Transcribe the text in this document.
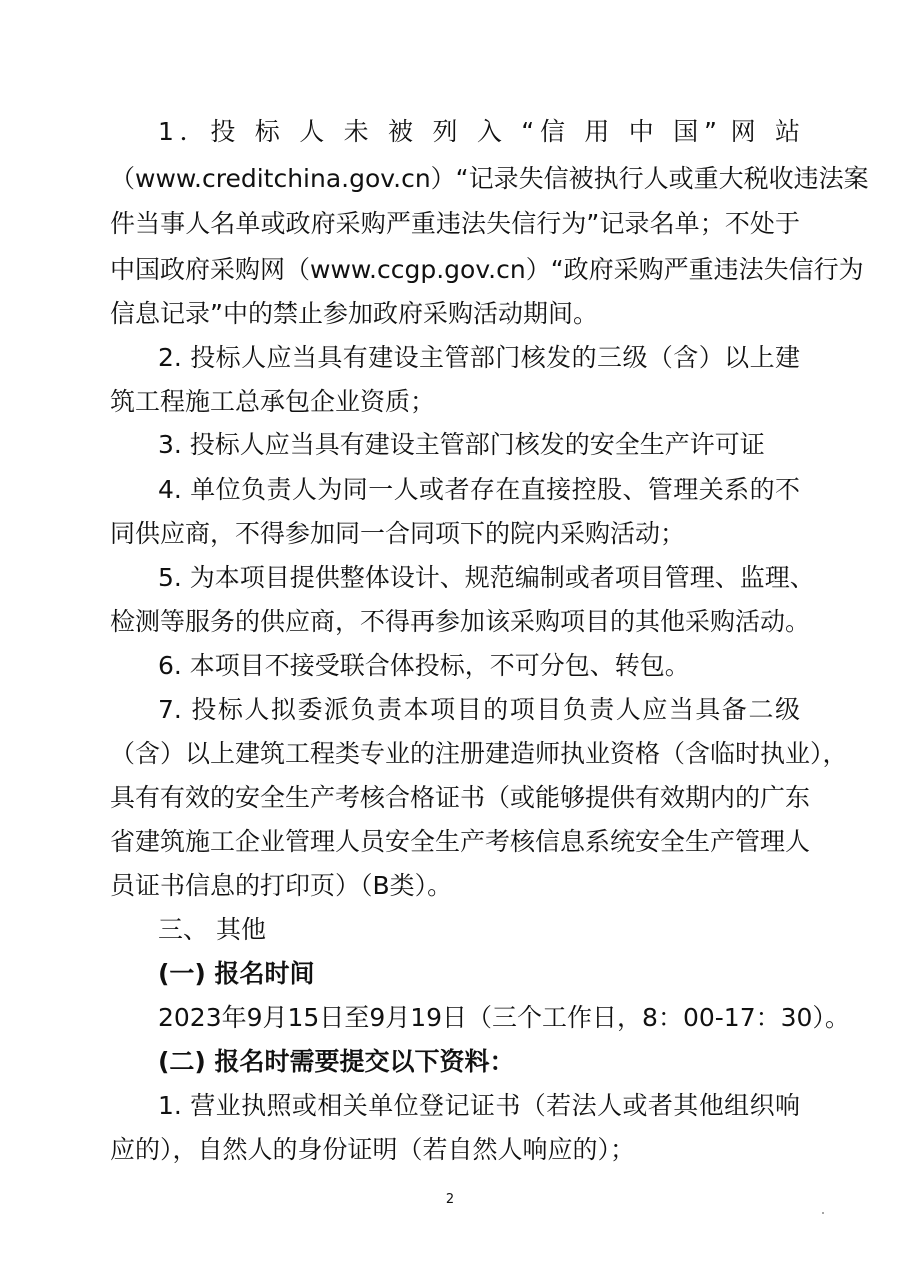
1．投 标 人 未 被 列 入 “信 用 中 国” 网 站
（www.creditchina.gov.cn）“记录失信被执行人或重大税收违法案
件当事人名单或政府采购严重违法失信行为”记录名单；不处于
中国政府采购网（www.ccgp.gov.cn）“政府采购严重违法失信行为
信息记录”中的禁止参加政府采购活动期间。
2. 投标人应当具有建设主管部门核发的三级（含）以上建
筑工程施工总承包企业资质；
3. 投标人应当具有建设主管部门核发的安全生产许可证
4. 单位负责人为同一人或者存在直接控股、管理关系的不
同供应商，不得参加同一合同项下的院内采购活动；
5. 为本项目提供整体设计、规范编制或者项目管理、监理、
检测等服务的供应商，不得再参加该采购项目的其他采购活动。
6. 本项目不接受联合体投标，不可分包、转包。
7. 投标人拟委派负责本项目的项目负责人应当具备二级
（含）以上建筑工程类专业的注册建造师执业资格（含临时执业），
具有有效的安全生产考核合格证书（或能够提供有效期内的广东
省建筑施工企业管理人员安全生产考核信息系统安全生产管理人
员证书信息的打印页）（B类）。
三、 其他
(一) 报名时间
2023年9月15日至9月19日（三个工作日，8：00-17：30）。
(二) 报名时需要提交以下资料：
1. 营业执照或相关单位登记证书（若法人或者其他组织响
应的），自然人的身份证明（若自然人响应的）；
2
